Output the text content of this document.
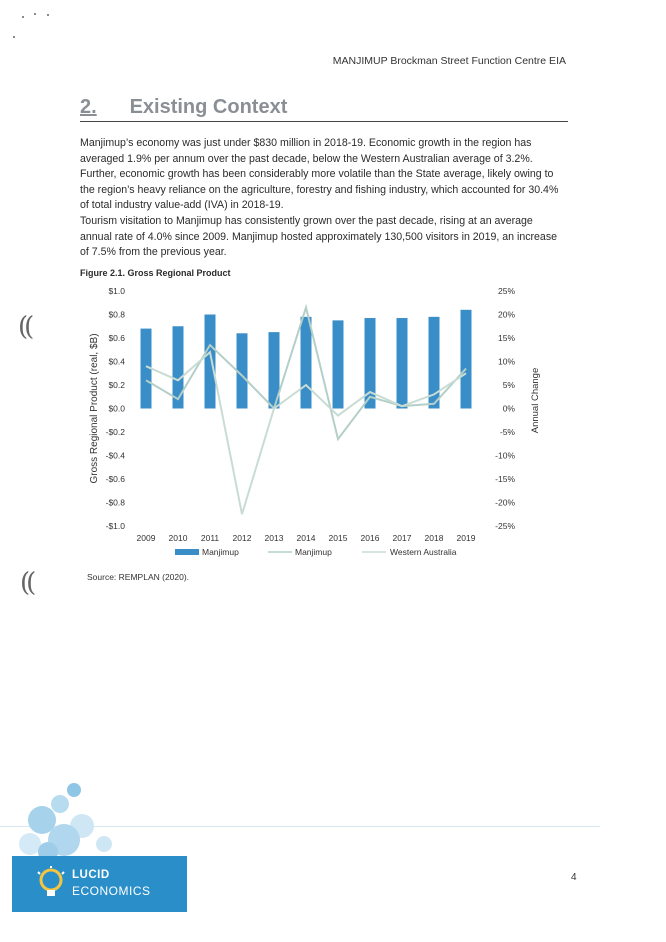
MANJIMUP Brockman Street Function Centre EIA
2. Existing Context

Manjimup’s economy was just under $830 million in 2018-19. Economic growth in the region has averaged 1.9% per annum over the past decade, below the Western Australian average of 3.2%. Further, economic growth has been considerably more volatile than the State average, likely owing to the region’s heavy reliance on the agriculture, forestry and fishing industry, which accounted for 30.4% of total industry value-add (IVA) in 2018-19.

Tourism visitation to Manjimup has consistently grown over the past decade, rising at an average annual rate of 4.0% since 2009. Manjimup hosted approximately 130,500 visitors in 2019, an increase of 7.5% from the previous year.

Figure 2.1. Gross Regional Product
$1.0
$0.8
$0.6
$0.4
$0.2
$0.0
-$0.2
-$0.4
-$0.6
-$0.8
-$1.0
25%
20%
15%
10%
5%
0%
-5%
-10%
-15%
-20%
-25%
Gross Regional Product (real, $B)	Annual Change
2009 2010 2011 2012 2013 2014 2015 2016 2017 2018 2019
Manjimup	Manjimup	Western Australia
Source: REMPLAN (2020).
((
((
LUCID
ECONOMICS
4
